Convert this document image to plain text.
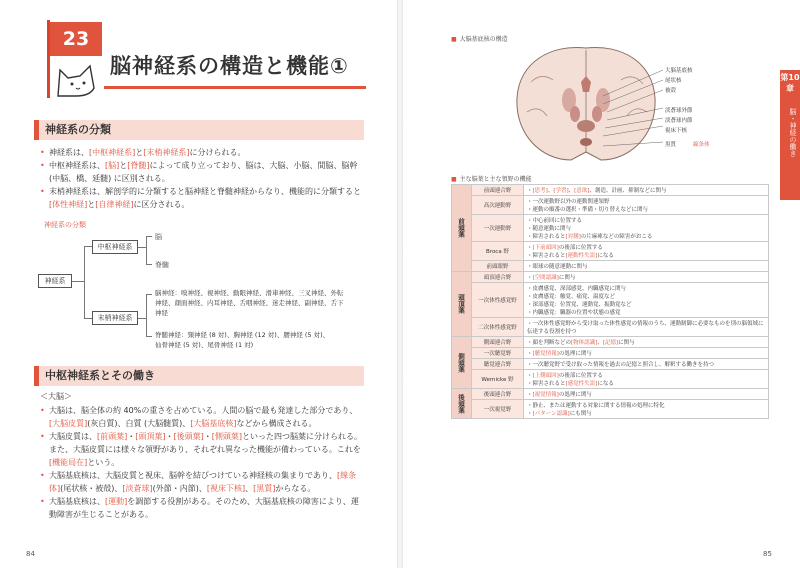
23
脳神経系の構造と機能①
神経系の分類
• 神経系は、[中枢神経系]と[末梢神経系]に分けられる。
• 中枢神経系は、[脳]と[脊髄]によって成り立っており、脳は、大脳、小脳、間脳、脳幹 (中脳、橋、延髄) に区別される。
• 末梢神経系は、解剖学的に分類すると脳神経と脊髄神経からなり、機能的に分類すると[体性神経]と[自律神経]に区分される。
神経系の分類
神経系
中枢神経系
脳
脊髄
末梢神経系
脳神経：嗅神経、視神経、動眼神経、滑車神経、三叉神経、外転神経、顔面神経、内耳神経、舌咽神経、迷走神経、副神経、舌下神経
脊髄神経：頸神経 (8 対)、胸神経 (12 対)、腰神経 (5 対)、仙骨神経 (5 対)、尾骨神経 (1 対)
中枢神経系とその働き
＜大脳＞
• 大脳は、脳全体の約 40%の重さを占めている。人間の脳で最も発達した部分であり、[大脳皮質](灰白質)、白質 (大脳髄質)、[大脳基底核]などから構成される。
• 大脳皮質は、[前頭葉]・[頭頂葉]・[後頭葉]・[側頭葉]といった四つ脳葉に分けられる。また、大脳皮質には様々な領野があり、それぞれ異なった機能が備わっている。これを[機能局在]という。
• 大脳基底核は、大脳皮質と視床、脳幹を結びつけている神経核の集まりであり、[線条体](尾状核・被殻)、[淡蒼球](外節・内節)、[視床下核]、[黒質]からなる。
• 大脳基底核は、[運動]を調節する役割がある。そのため、大脳基底核の障害により、運動障害が生じることがある。
84
■ 大脳基底核の構造
大脳基底核
尾状核
被殻
淡蒼球外節
淡蒼球内節
視床下核
黒質	線条体
第10章
脳・神経の働き
■ 主な脳葉と主な領野の機能
前頭葉	前頭連合野	・[思考]、[学習]、[意欲]、創造、計画、抑制などに関与

	高次運動野	・一次運動野以外の運動関連領野
・運動の順番の選択・準備・切り替えなどに関与

	一次運動野	・中心前回に位置する
・随意運動に関与
・障害されると[対側]の片麻痺などの障害がおこる

	Broca 野	・[下前頭回]の後部に位置する
・障害されると[運動性失語]になる

	前頭眼野	・眼球の随意運動に関与

頭頂葉	頭頂連合野	・[空間認識]に関与

	一次体性感覚野	・皮膚感覚、深部感覚、内臓感覚に関与
・皮膚感覚：触覚、痛覚、温度など
・深部感覚：位置覚、運動覚、振動覚など
・内臓感覚：臓器の位置や状態の感覚

	二次体性感覚野	・一次体性感覚野から受け取った体性感覚の情報のうち、運動制御に必要なものを別の脳領域に伝達する役割を持つ

側頭葉	側頭連合野	・顔を判断などの[物体認識]、[記憶]に関与

	一次聴覚野	・[聴覚情報]の処理に関与

	聴覚連合野	・一次聴覚野で受け取った情報を過去の記憶と照合し、解釈する働きを持つ

	Wernicke 野	・[上側頭回]の後部に位置する
・障害されると[感覚性失語]になる

後頭葉	後頭連合野	・[視覚情報]の処理に関与

	一次視覚野	・静止、または運動する対象に関する情報の処理に特化
・[パターン認識]にも関与
85
